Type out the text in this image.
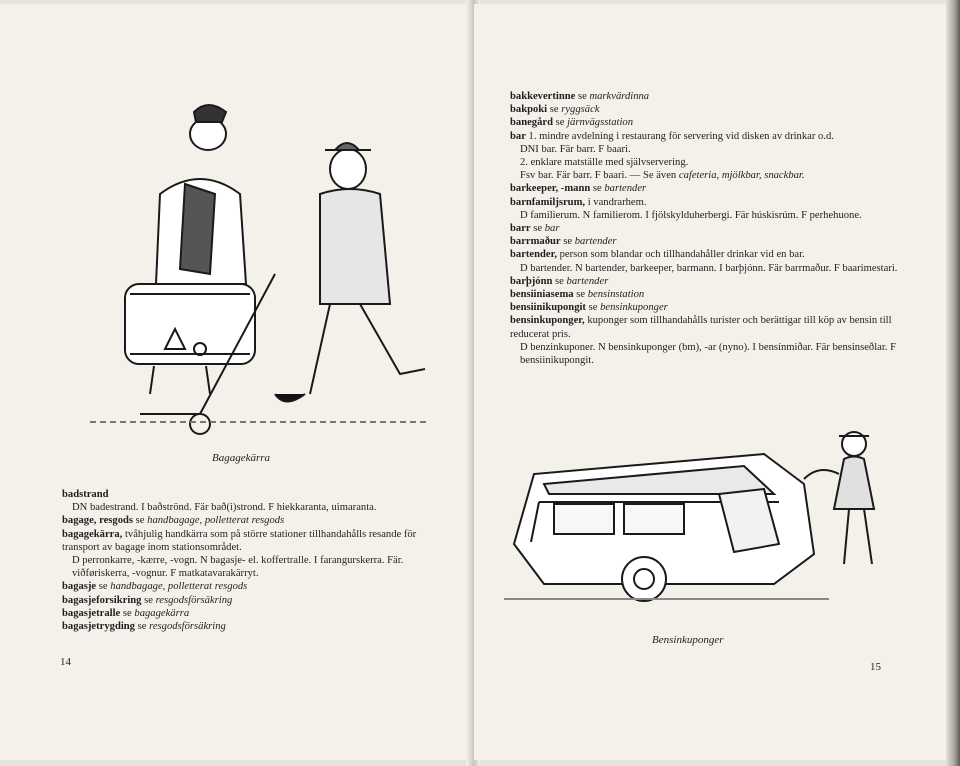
Bagagekärra

badstrand

DN badestrand. I baðströnd. Fär bað(i)strond. F hiekkaranta, uimaranta.

bagage, resgods se handbagage, polletterat resgods

bagagekärra, tvåhjulig handkärra som på större stationer tillhandahålls resande för transport av bagage inom stationsområdet.

D perronkarre, -kærre, -vogn. N bagasje- el. koffertralle. I farangurskerra. Fär. viðføriskerra, -vognur. F matkatavarakärryt.

bagasje se handbagage, polletterat resgods

bagasjeforsikring se resgodsförsäkring

bagasjetralle se bagagekärra

bagasjetrygding se resgodsförsäkring

14

bakkevertinne se markvärdinna

bakpoki se ryggsäck

banegård se järnvägsstation

bar 1. mindre avdelning i restaurang för servering vid disken av drinkar o.d.

DNI bar. Fär barr. F baari.

2. enklare matställe med självservering.

Fsv bar. Fär barr. F baari. — Se även cafeteria, mjölkbar, snackbar.

barkeeper, -mann se bartender

barnfamiljsrum, i vandrarhem.

D familierum. N familierom. I fjölskylduherbergi. Fär húskisrúm. F perhehuone.

barr se bar

barrmaður se bartender

bartender, person som blandar och tillhandahåller drinkar vid en bar.

D bartender. N bartender, barkeeper, barmann. I barþjónn. Fär barrmaður. F baarimestari.

barþjónn se bartender

bensiiniasema se bensinstation

bensiinikupongit se bensinkuponger

bensinkuponger, kuponger som tillhandahålls turister och berättigar till köp av bensin till reducerat pris.

D benzinkuponer. N bensinkuponger (bm), -ar (nyno). I bensínmiðar. Fär bensinseðlar. F bensiinikupongit.

Bensinkuponger
15
